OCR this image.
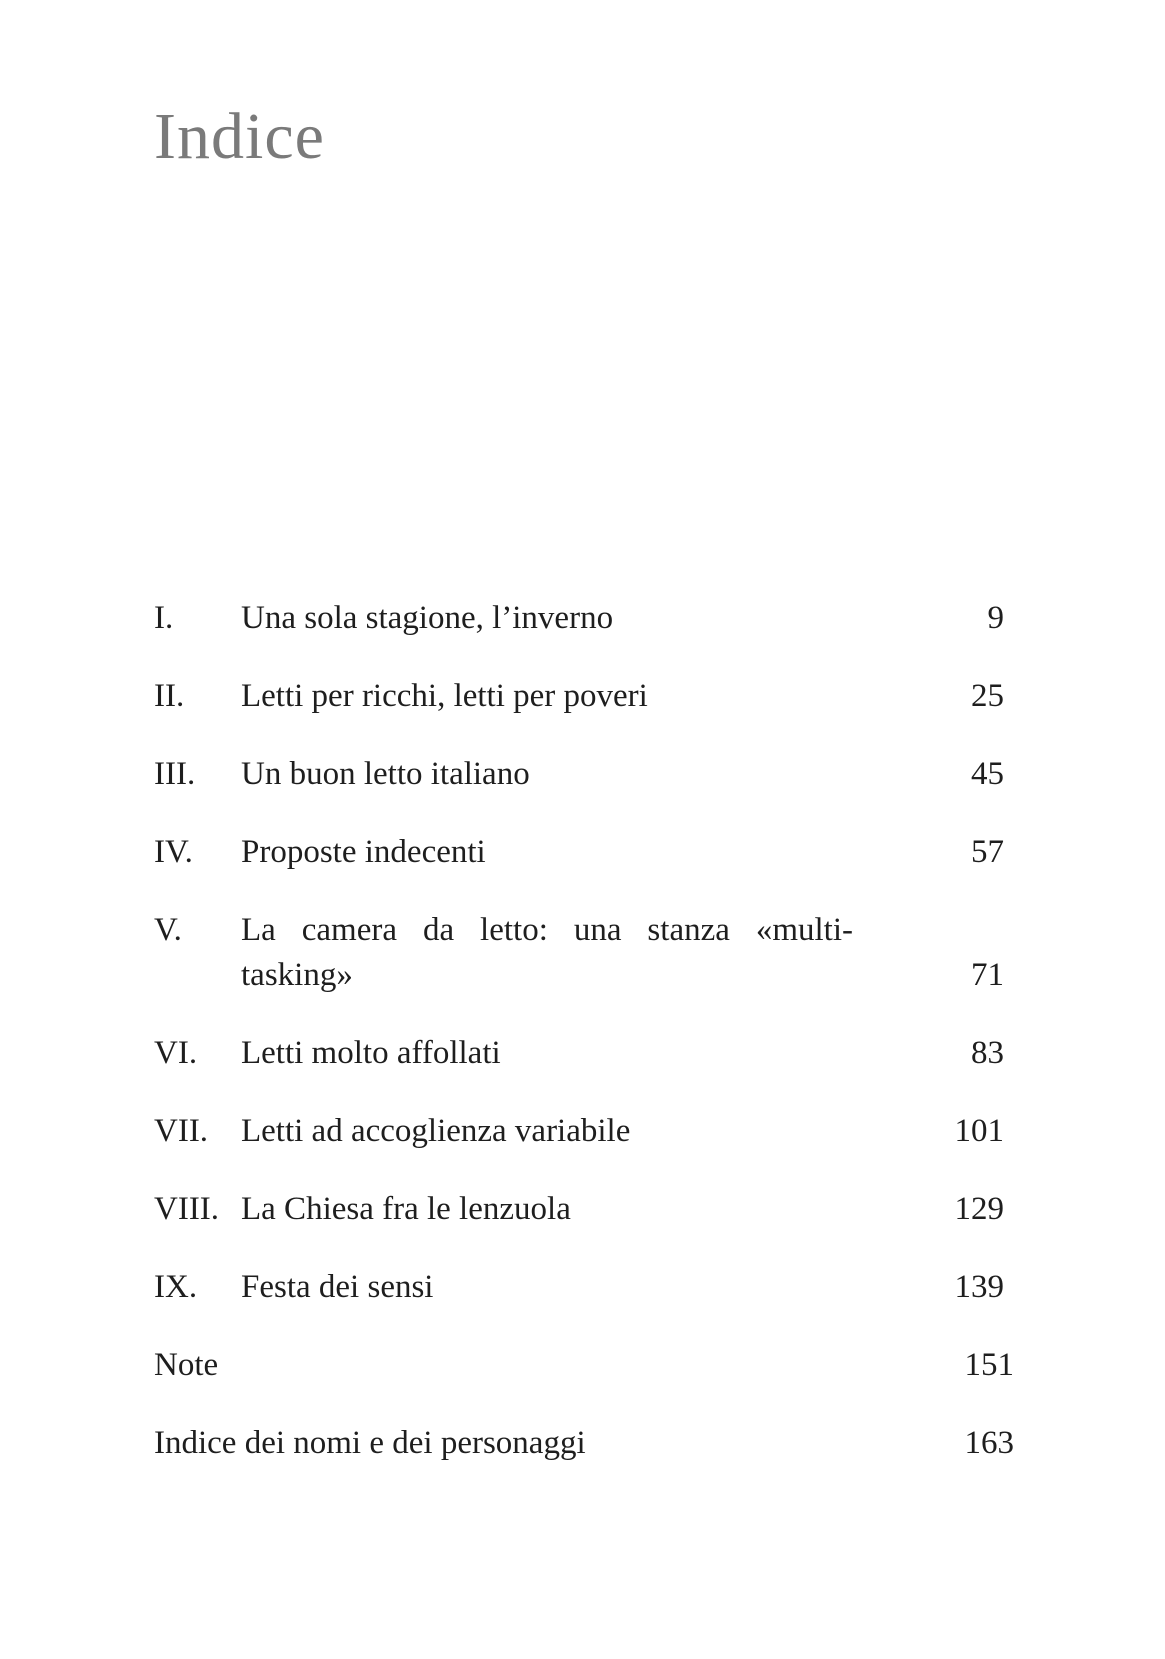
Indice
I. Una sola stagione, l’inverno	9
II. Letti per ricchi, letti per poveri	25
III. Un buon letto italiano	45
IV. Proposte indecenti	57
V. La camera da letto: una stanza «multi-
tasking»	71
VI. Letti molto affollati	83
VII. Letti ad accoglienza variabile	101
VIII. La Chiesa fra le lenzuola	129
IX. Festa dei sensi	139
Note	151
Indice dei nomi e dei personaggi	163
